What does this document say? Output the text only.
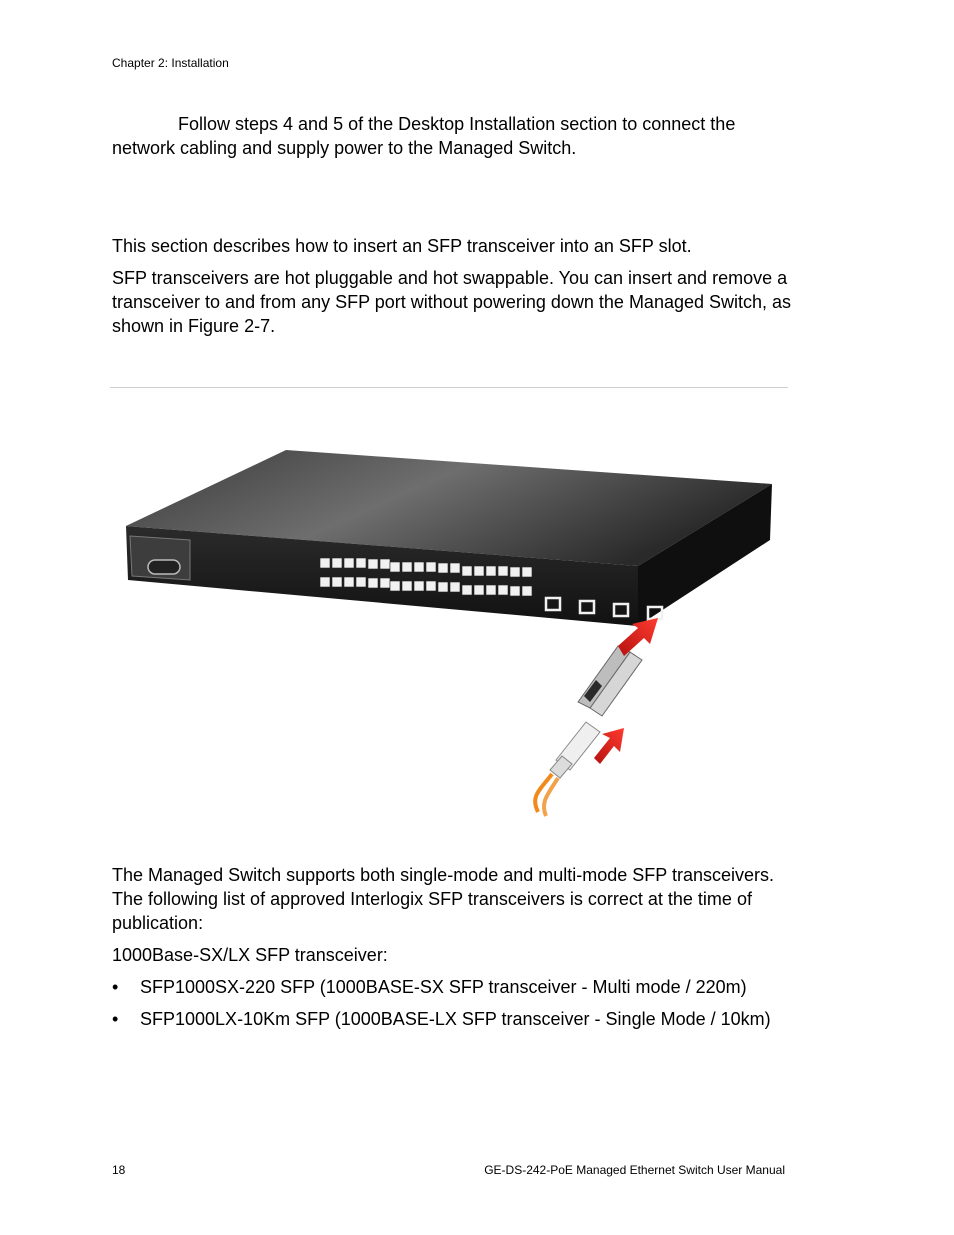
Chapter 2: Installation
Follow steps 4 and 5 of the Desktop Installation section to connect the network cabling and supply power to the Managed Switch.
This section describes how to insert an SFP transceiver into an SFP slot.
SFP transceivers are hot pluggable and hot swappable. You can insert and remove a transceiver to and from any SFP port without powering down the Managed Switch, as shown in Figure 2-7.
The Managed Switch supports both single-mode and multi-mode SFP transceivers. The following list of approved Interlogix SFP transceivers is correct at the time of publication:
1000Base-SX/LX SFP transceiver:
• SFP1000SX-220 SFP (1000BASE-SX SFP transceiver - Multi mode / 220m)
• SFP1000LX-10Km SFP (1000BASE-LX SFP transceiver - Single Mode / 10km)
18	GE-DS-242-PoE Managed Ethernet Switch User Manual
